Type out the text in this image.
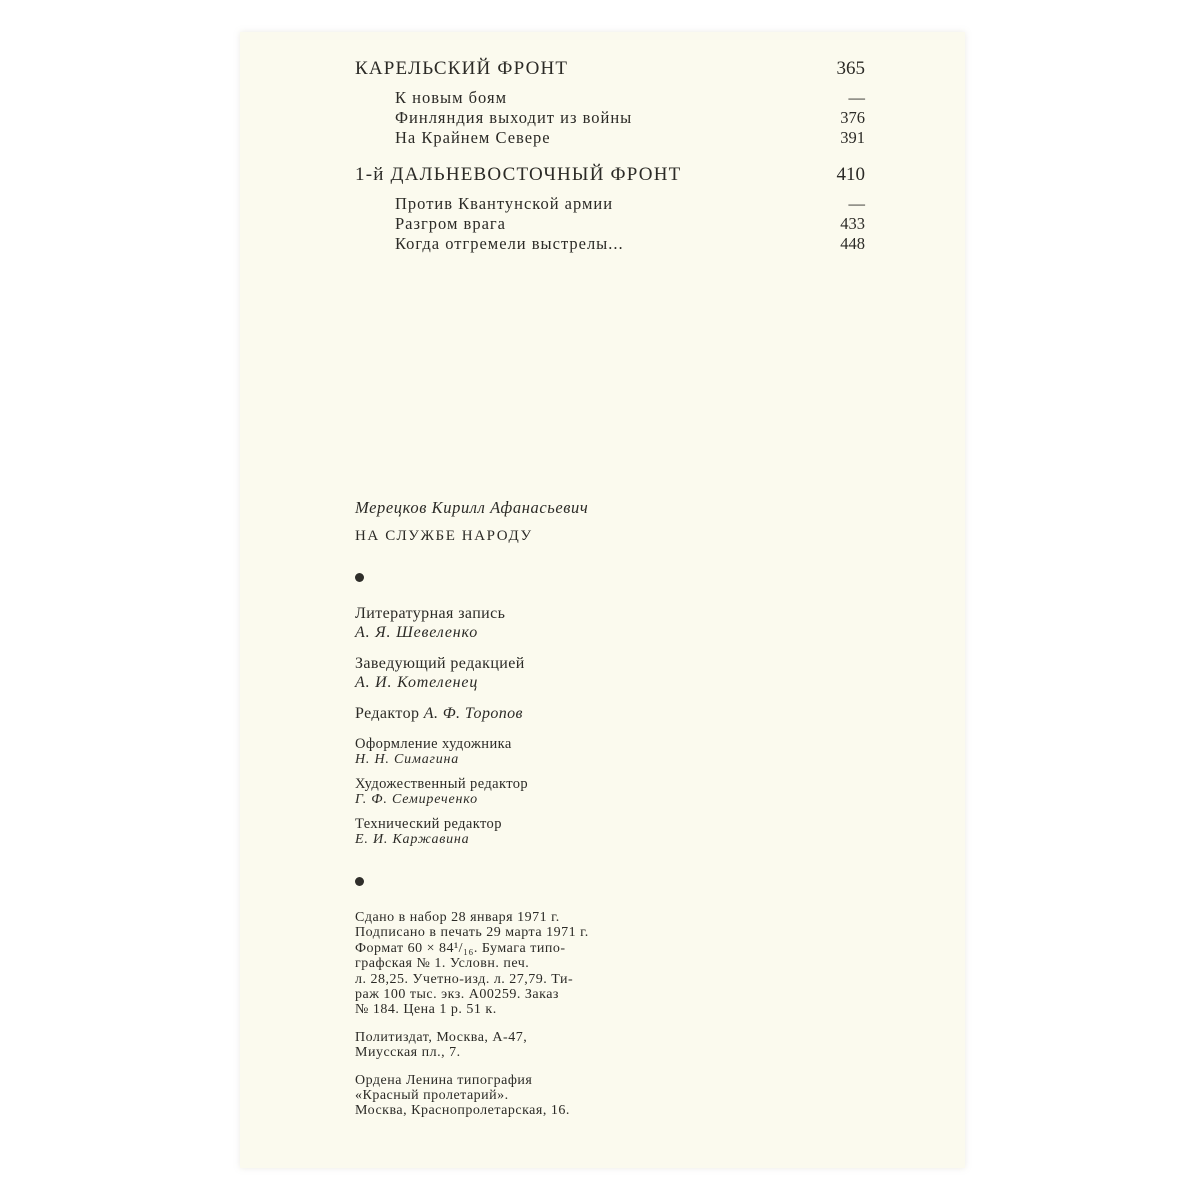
КАРЕЛЬСКИЙ ФРОНТ	365
К новым боям	—
Финляндия выходит из войны	376
На Крайнем Севере	391
1-й ДАЛЬНЕВОСТОЧНЫЙ ФРОНТ	410
Против Квантунской армии	—
Разгром врага	433
Когда отгремели выстрелы...	448
Мерецков Кирилл Афанасьевич
НА СЛУЖБЕ НАРОДУ
Литературная запись
А. Я. Шевеленко
Заведующий редакцией
А. И. Котеленец
Редактор А. Ф. Торопов
Оформление художника
Н. Н. Симагина
Художественный редактор
Г. Ф. Семиреченко
Технический редактор
Е. И. Каржавина
Сдано в набор 28 января 1971 г.
Подписано в печать 29 марта 1971 г.
Формат 60 × 84¹/₁₆. Бумага типо-
графская № 1. Условн. печ.
л. 28,25. Учетно-изд. л. 27,79. Ти-
раж 100 тыс. экз. А00259. Заказ
№ 184. Цена 1 р. 51 к.
Политиздат, Москва, А-47,
Миусская пл., 7.
Ордена Ленина типография
«Красный пролетарий».
Москва, Краснопролетарская, 16.
